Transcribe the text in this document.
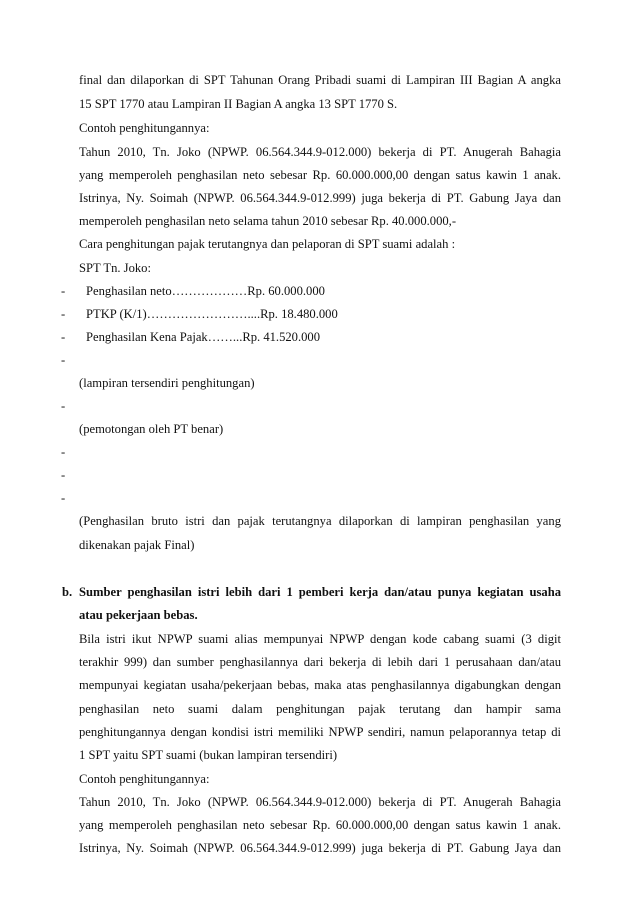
final dan dilaporkan di SPT Tahunan Orang Pribadi suami di Lampiran III Bagian A angka
15 SPT 1770 atau Lampiran II Bagian A angka 13 SPT 1770 S.
Contoh penghitungannya:
Tahun 2010, Tn. Joko (NPWP. 06.564.344.9-012.000) bekerja di PT. Anugerah Bahagia
yang memperoleh penghasilan neto sebesar Rp. 60.000.000,00 dengan satus kawin 1 anak.
Istrinya, Ny. Soimah (NPWP. 06.564.344.9-012.999) juga bekerja di PT. Gabung Jaya dan
memperoleh penghasilan neto selama tahun 2010 sebesar Rp. 40.000.000,-
Cara penghitungan pajak terutangnya dan pelaporan di SPT suami adalah :
SPT Tn. Joko:
- Penghasilan neto………………Rp. 60.000.000
- PTKP (K/1)……………………....Rp. 18.480.000
- Penghasilan Kena Pajak……...Rp. 41.520.000
-
(lampiran tersendiri penghitungan)
-
(pemotongan oleh PT benar)
-
-
-
(Penghasilan bruto istri dan pajak terutangnya dilaporkan di lampiran penghasilan yang
dikenakan pajak Final)
b. Sumber penghasilan istri lebih dari 1 pemberi kerja dan/atau punya kegiatan usaha
atau pekerjaan bebas.
Bila istri ikut NPWP suami alias mempunyai NPWP dengan kode cabang suami (3 digit
terakhir 999) dan sumber penghasilannya dari bekerja di lebih dari 1 perusahaan dan/atau
mempunyai kegiatan usaha/pekerjaan bebas, maka atas penghasilannya digabungkan dengan
penghasilan neto suami dalam penghitungan pajak terutang dan hampir sama
penghitungannya dengan kondisi istri memiliki NPWP sendiri, namun pelaporannya tetap di
1 SPT yaitu SPT suami (bukan lampiran tersendiri)
Contoh penghitungannya:
Tahun 2010, Tn. Joko (NPWP. 06.564.344.9-012.000) bekerja di PT. Anugerah Bahagia
yang memperoleh penghasilan neto sebesar Rp. 60.000.000,00 dengan satus kawin 1 anak.
Istrinya, Ny. Soimah (NPWP. 06.564.344.9-012.999) juga bekerja di PT. Gabung Jaya dan
